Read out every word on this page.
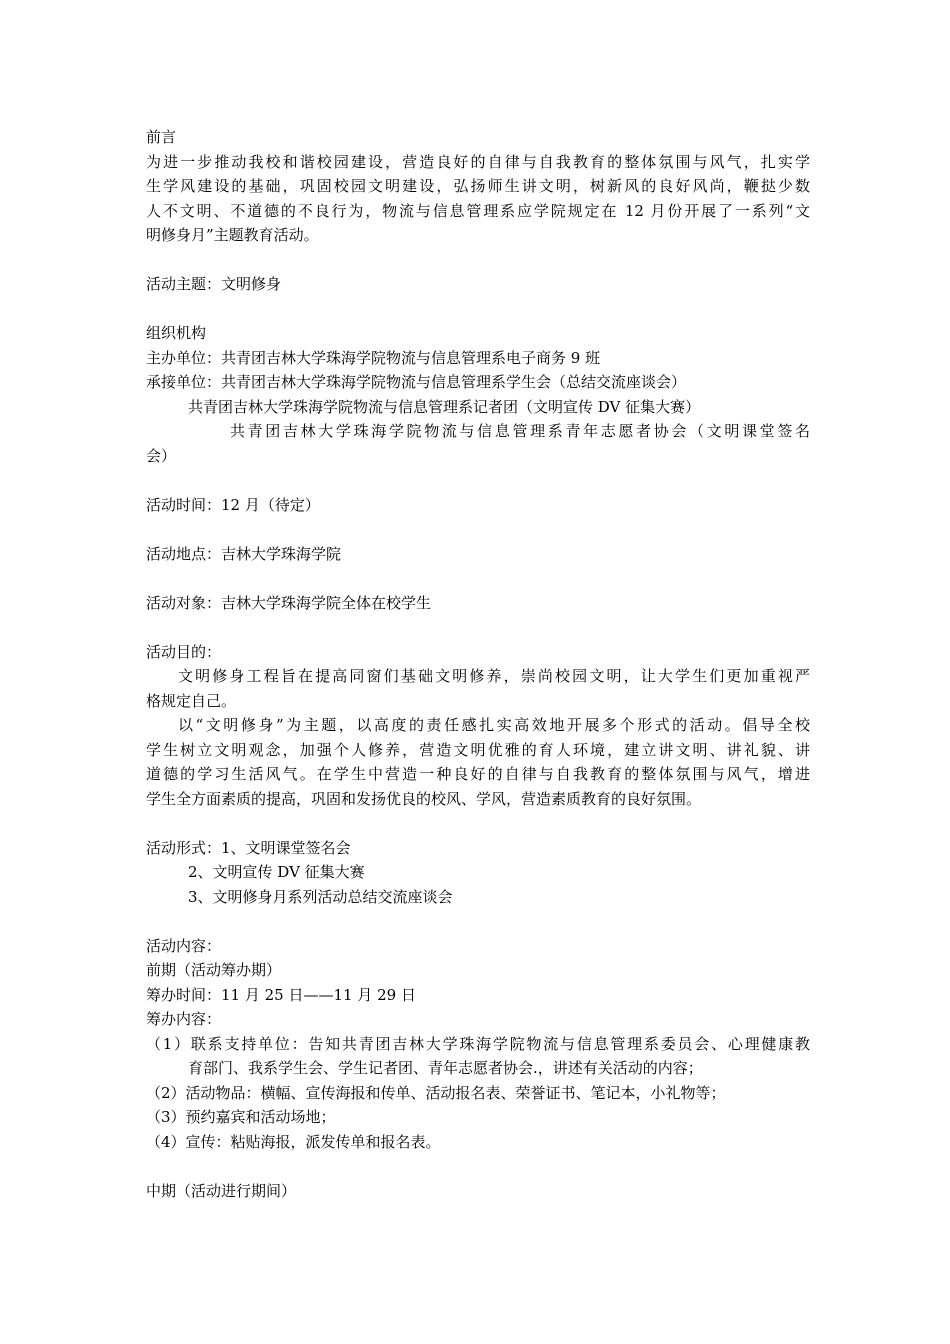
前言
为进一步推动我校和谐校园建设，营造良好的自律与自我教育的整体氛围与风气，扎实学
生学风建设的基础，巩固校园文明建设，弘扬师生讲文明，树新风的良好风尚，鞭挞少数
人不文明、不道德的不良行为，物流与信息管理系应学院规定在 12 月份开展了一系列“文
明修身月”主题教育活动。
活动主题：文明修身
组织机构
主办单位：共青团吉林大学珠海学院物流与信息管理系电子商务 9 班
承接单位：共青团吉林大学珠海学院物流与信息管理系学生会（总结交流座谈会）
共青团吉林大学珠海学院物流与信息管理系记者团（文明宣传 DV 征集大赛）
共青团吉林大学珠海学院物流与信息管理系青年志愿者协会（文明课堂签名
会）
活动时间：12 月（待定）
活动地点：吉林大学珠海学院
活动对象：吉林大学珠海学院全体在校学生
活动目的：
文明修身工程旨在提高同窗们基础文明修养，崇尚校园文明，让大学生们更加重视严
格规定自己。
以“文明修身”为主题，以高度的责任感扎实高效地开展多个形式的活动。倡导全校
学生树立文明观念，加强个人修养，营造文明优雅的育人环境，建立讲文明、讲礼貌、讲
道德的学习生活风气。在学生中营造一种良好的自律与自我教育的整体氛围与风气，增进
学生全方面素质的提高，巩固和发扬优良的校风、学风，营造素质教育的良好氛围。
活动形式：1、文明课堂签名会
2、文明宣传 DV 征集大赛
3、文明修身月系列活动总结交流座谈会
活动内容：
前期（活动筹办期）
筹办时间：11 月 25 日——11 月 29 日
筹办内容：
（1）联系支持单位：告知共青团吉林大学珠海学院物流与信息管理系委员会、心理健康教
育部门、我系学生会、学生记者团、青年志愿者协会.，讲述有关活动的内容；
（2）活动物品：横幅、宣传海报和传单、活动报名表、荣誉证书、笔记本，小礼物等；
（3）预约嘉宾和活动场地；
（4）宣传：粘贴海报，派发传单和报名表。
中期（活动进行期间）
